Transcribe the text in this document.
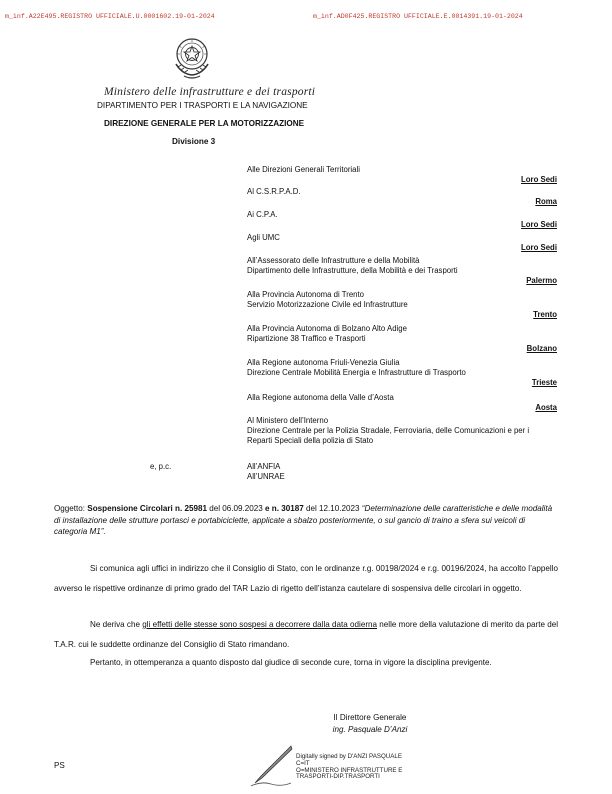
m_inf.A22E495.REGISTRO UFFICIALE.U.0001602.19-01-2024	m_inf.AD0F425.REGISTRO UFFICIALE.E.0014391.19-01-2024
Ministero delle infrastrutture e dei trasporti
DIPARTIMENTO PER I TRASPORTI E LA NAVIGAZIONE
DIREZIONE GENERALE PER LA MOTORIZZAZIONE
Divisione 3
Alle Direzioni Generali Territoriali
Loro Sedi
Al C.S.R.P.A.D.
Roma
Ai C.P.A.
Loro Sedi
Agli UMC
Loro Sedi
All’Assessorato delle Infrastrutture e della Mobilità
Dipartimento delle Infrastrutture, della Mobilità e dei Trasporti
Palermo
Alla Provincia Autonoma di Trento
Servizio Motorizzazione Civile ed Infrastrutture
Trento
Alla Provincia Autonoma di Bolzano Alto Adige
Ripartizione 38 Traffico e Trasporti
Bolzano
Alla Regione autonoma Friuli-Venezia Giulia
Direzione Centrale Mobilità Energia e Infrastrutture di Trasporto
Trieste
Alla Regione autonoma della Valle d’Aosta
Aosta
Al Ministero dell’Interno
Direzione Centrale per la Polizia Stradale, Ferroviaria, delle Comunicazioni e per i
Reparti Speciali della polizia di Stato
e, p.c.	All’ANFIA
All’UNRAE
Oggetto: Sospensione Circolari n. 25981 del 06.09.2023 e n. 30187 del 12.10.2023 “Determinazione delle caratteristiche e delle modalità di installazione delle strutture portasci e portabiciclette, applicate a sbalzo posteriormente, o sul gancio di traino a sfera sui veicoli di categoria M1”.
Si comunica agli uffici in indirizzo che il Consiglio di Stato, con le ordinanze r.g. 00198/2024 e r.g. 00196/2024, ha accolto l’appello avverso le rispettive ordinanze di primo grado del TAR Lazio di rigetto dell’istanza cautelare di sospensiva delle circolari in oggetto.
Ne deriva che gli effetti delle stesse sono sospesi a decorrere dalla data odierna nelle more della valutazione di merito da parte del T.A.R. cui le suddette ordinanze del Consiglio di Stato rimandano.
Pertanto, in ottemperanza a quanto disposto dal giudice di seconde cure, torna in vigore la disciplina previgente.
Il Direttore Generale
ing. Pasquale D’Anzi
Digitally signed by D'ANZI PASQUALE
C=IT
O=MINISTERO INFRASTRUTTURE E
TRASPORTI-DIP.TRASPORTI
PS
